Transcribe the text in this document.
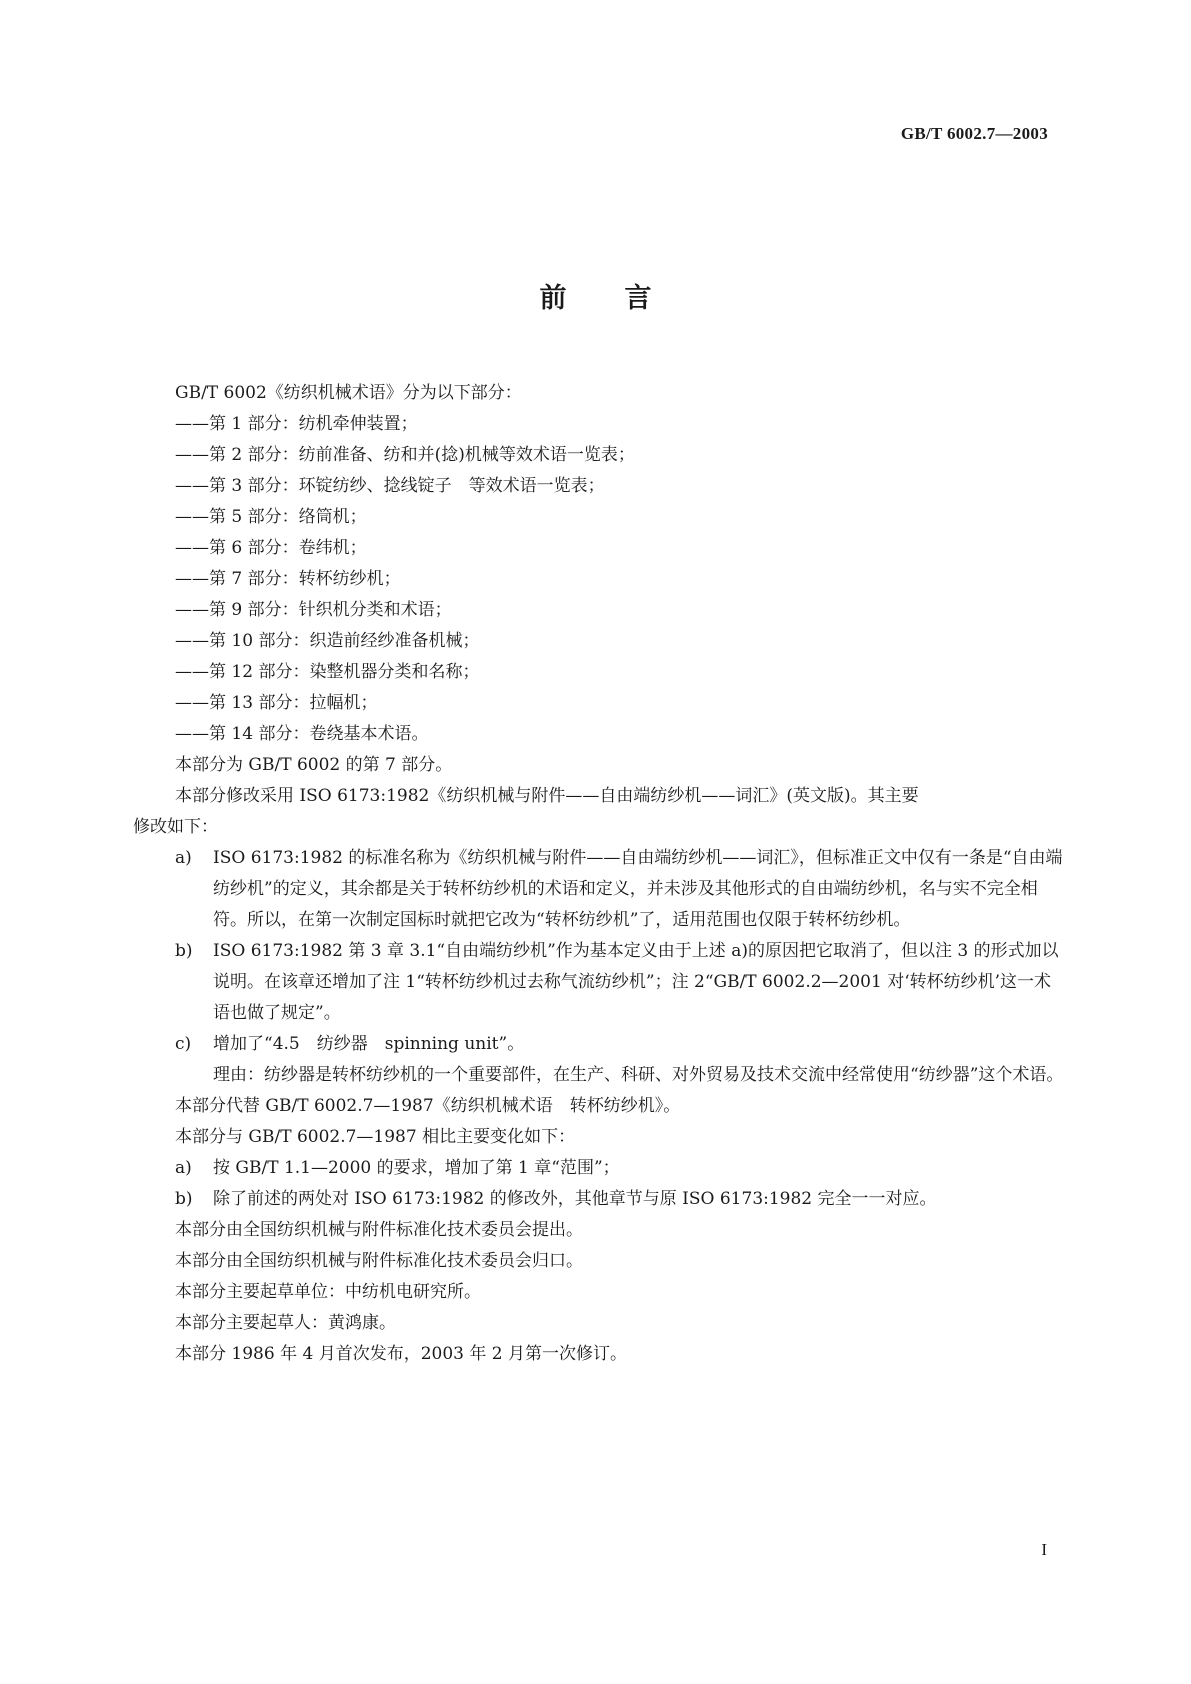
GB/T 6002.7—2003
前言

GB/T 6002《纺织机械术语》分为以下部分：

——第 1 部分：纺机牵伸装置；

——第 2 部分：纺前准备、纺和并(捻)机械等效术语一览表；

——第 3 部分：环锭纺纱、捻线锭子　等效术语一览表；

——第 5 部分：络筒机；

——第 6 部分：卷纬机；

——第 7 部分：转杯纺纱机；

——第 9 部分：针织机分类和术语；

——第 10 部分：织造前经纱准备机械；

——第 12 部分：染整机器分类和名称；

——第 13 部分：拉幅机；

——第 14 部分：卷绕基本术语。

本部分为 GB/T 6002 的第 7 部分。

本部分修改采用 ISO 6173:1982《纺织机械与附件——自由端纺纱机——词汇》(英文版)。其主要

修改如下：

a) ISO 6173:1982 的标准名称为《纺织机械与附件——自由端纺纱机——词汇》，但标准正文中仅有一条是“自由端纺纱机”的定义，其余都是关于转杯纺纱机的术语和定义，并未涉及其他形式的自由端纺纱机，名与实不完全相符。所以，在第一次制定国标时就把它改为“转杯纺纱机”了，适用范围也仅限于转杯纺纱机。

b) ISO 6173:1982 第 3 章 3.1“自由端纺纱机”作为基本定义由于上述 a)的原因把它取消了，但以注 3 的形式加以说明。在该章还增加了注 1“转杯纺纱机过去称气流纺纱机”；注 2“GB/T 6002.2—2001 对‘转杯纺纱机’这一术语也做了规定”。

c) 增加了“4.5　纺纱器　spinning unit”。

理由：纺纱器是转杯纺纱机的一个重要部件，在生产、科研、对外贸易及技术交流中经常使用“纺纱器”这个术语。

本部分代替 GB/T 6002.7—1987《纺织机械术语　转杯纺纱机》。

本部分与 GB/T 6002.7—1987 相比主要变化如下：

a) 按 GB/T 1.1—2000 的要求，增加了第 1 章“范围”；

b) 除了前述的两处对 ISO 6173:1982 的修改外，其他章节与原 ISO 6173:1982 完全一一对应。

本部分由全国纺织机械与附件标准化技术委员会提出。

本部分由全国纺织机械与附件标准化技术委员会归口。

本部分主要起草单位：中纺机电研究所。

本部分主要起草人：黄鸿康。

本部分 1986 年 4 月首次发布，2003 年 2 月第一次修订。

I
